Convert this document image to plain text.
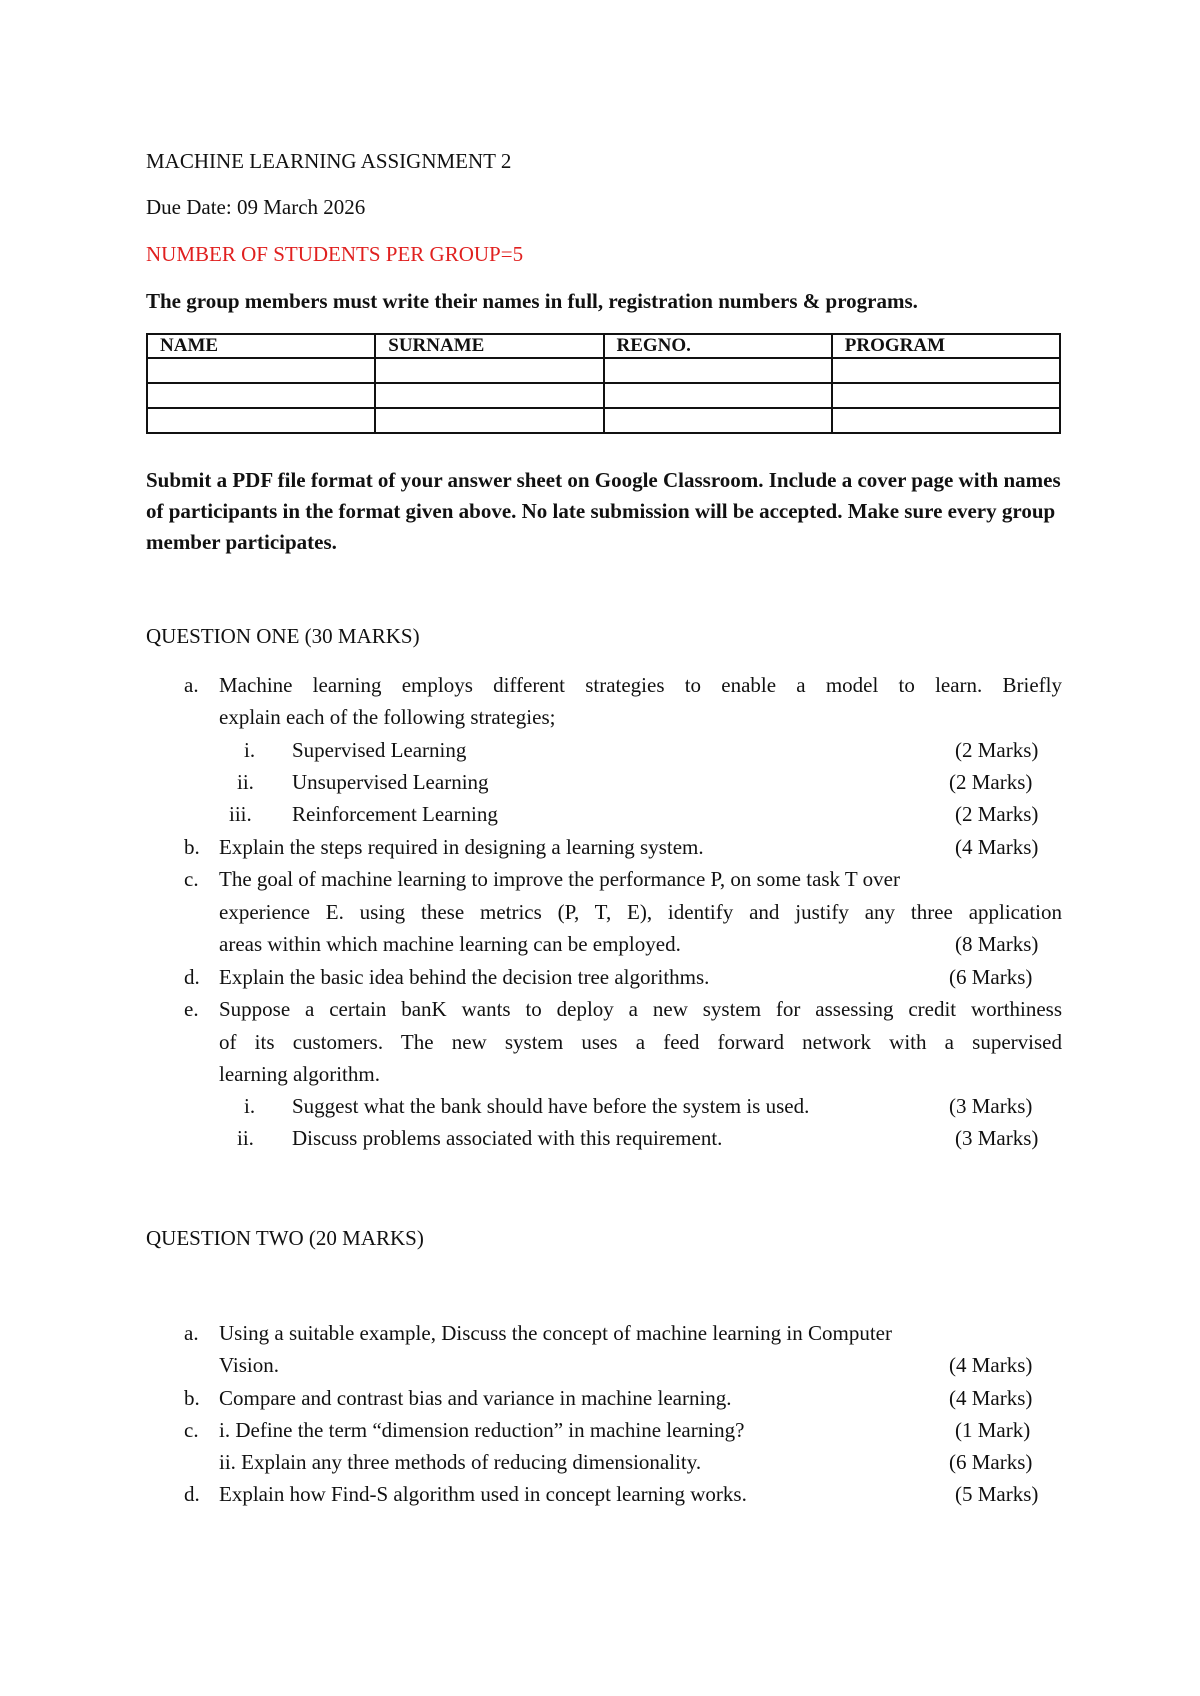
MACHINE LEARNING ASSIGNMENT 2
Due Date: 09 March 2026
NUMBER OF STUDENTS PER GROUP=5
The group members must write their names in full, registration numbers & programs.
NAME	SURNAME	REGNO.	PROGRAM

Submit a PDF file format of your answer sheet on Google Classroom. Include a cover page with names of participants in the format given above. No late submission will be accepted. Make sure every group member participates.
QUESTION ONE (30 MARKS)
a. Machine learning employs different strategies to enable a model to learn. Briefly
explain each of the following strategies;
i. Supervised Learning	(2 Marks)
ii. Unsupervised Learning	(2 Marks)
iii. Reinforcement Learning	(2 Marks)
b. Explain the steps required in designing a learning system.	(4 Marks)
c. The goal of machine learning to improve the performance P, on some task T over
experience E. using these metrics (P, T, E), identify and justify any three application
areas within which machine learning can be employed.	(8 Marks)
d. Explain the basic idea behind the decision tree algorithms.	(6 Marks)
e. Suppose a certain banK wants to deploy a new system for assessing credit worthiness
of its customers. The new system uses a feed forward network with a supervised
learning algorithm.
i. Suggest what the bank should have before the system is used.	(3 Marks)
ii. Discuss problems associated with this requirement.	(3 Marks)
QUESTION TWO (20 MARKS)
a. Using a suitable example, Discuss the concept of machine learning in Computer
Vision.	(4 Marks)
b. Compare and contrast bias and variance in machine learning.	(4 Marks)
c. i. Define the term “dimension reduction” in machine learning?	(1 Mark)
ii. Explain any three methods of reducing dimensionality.	(6 Marks)
d. Explain how Find-S algorithm used in concept learning works.	(5 Marks)
